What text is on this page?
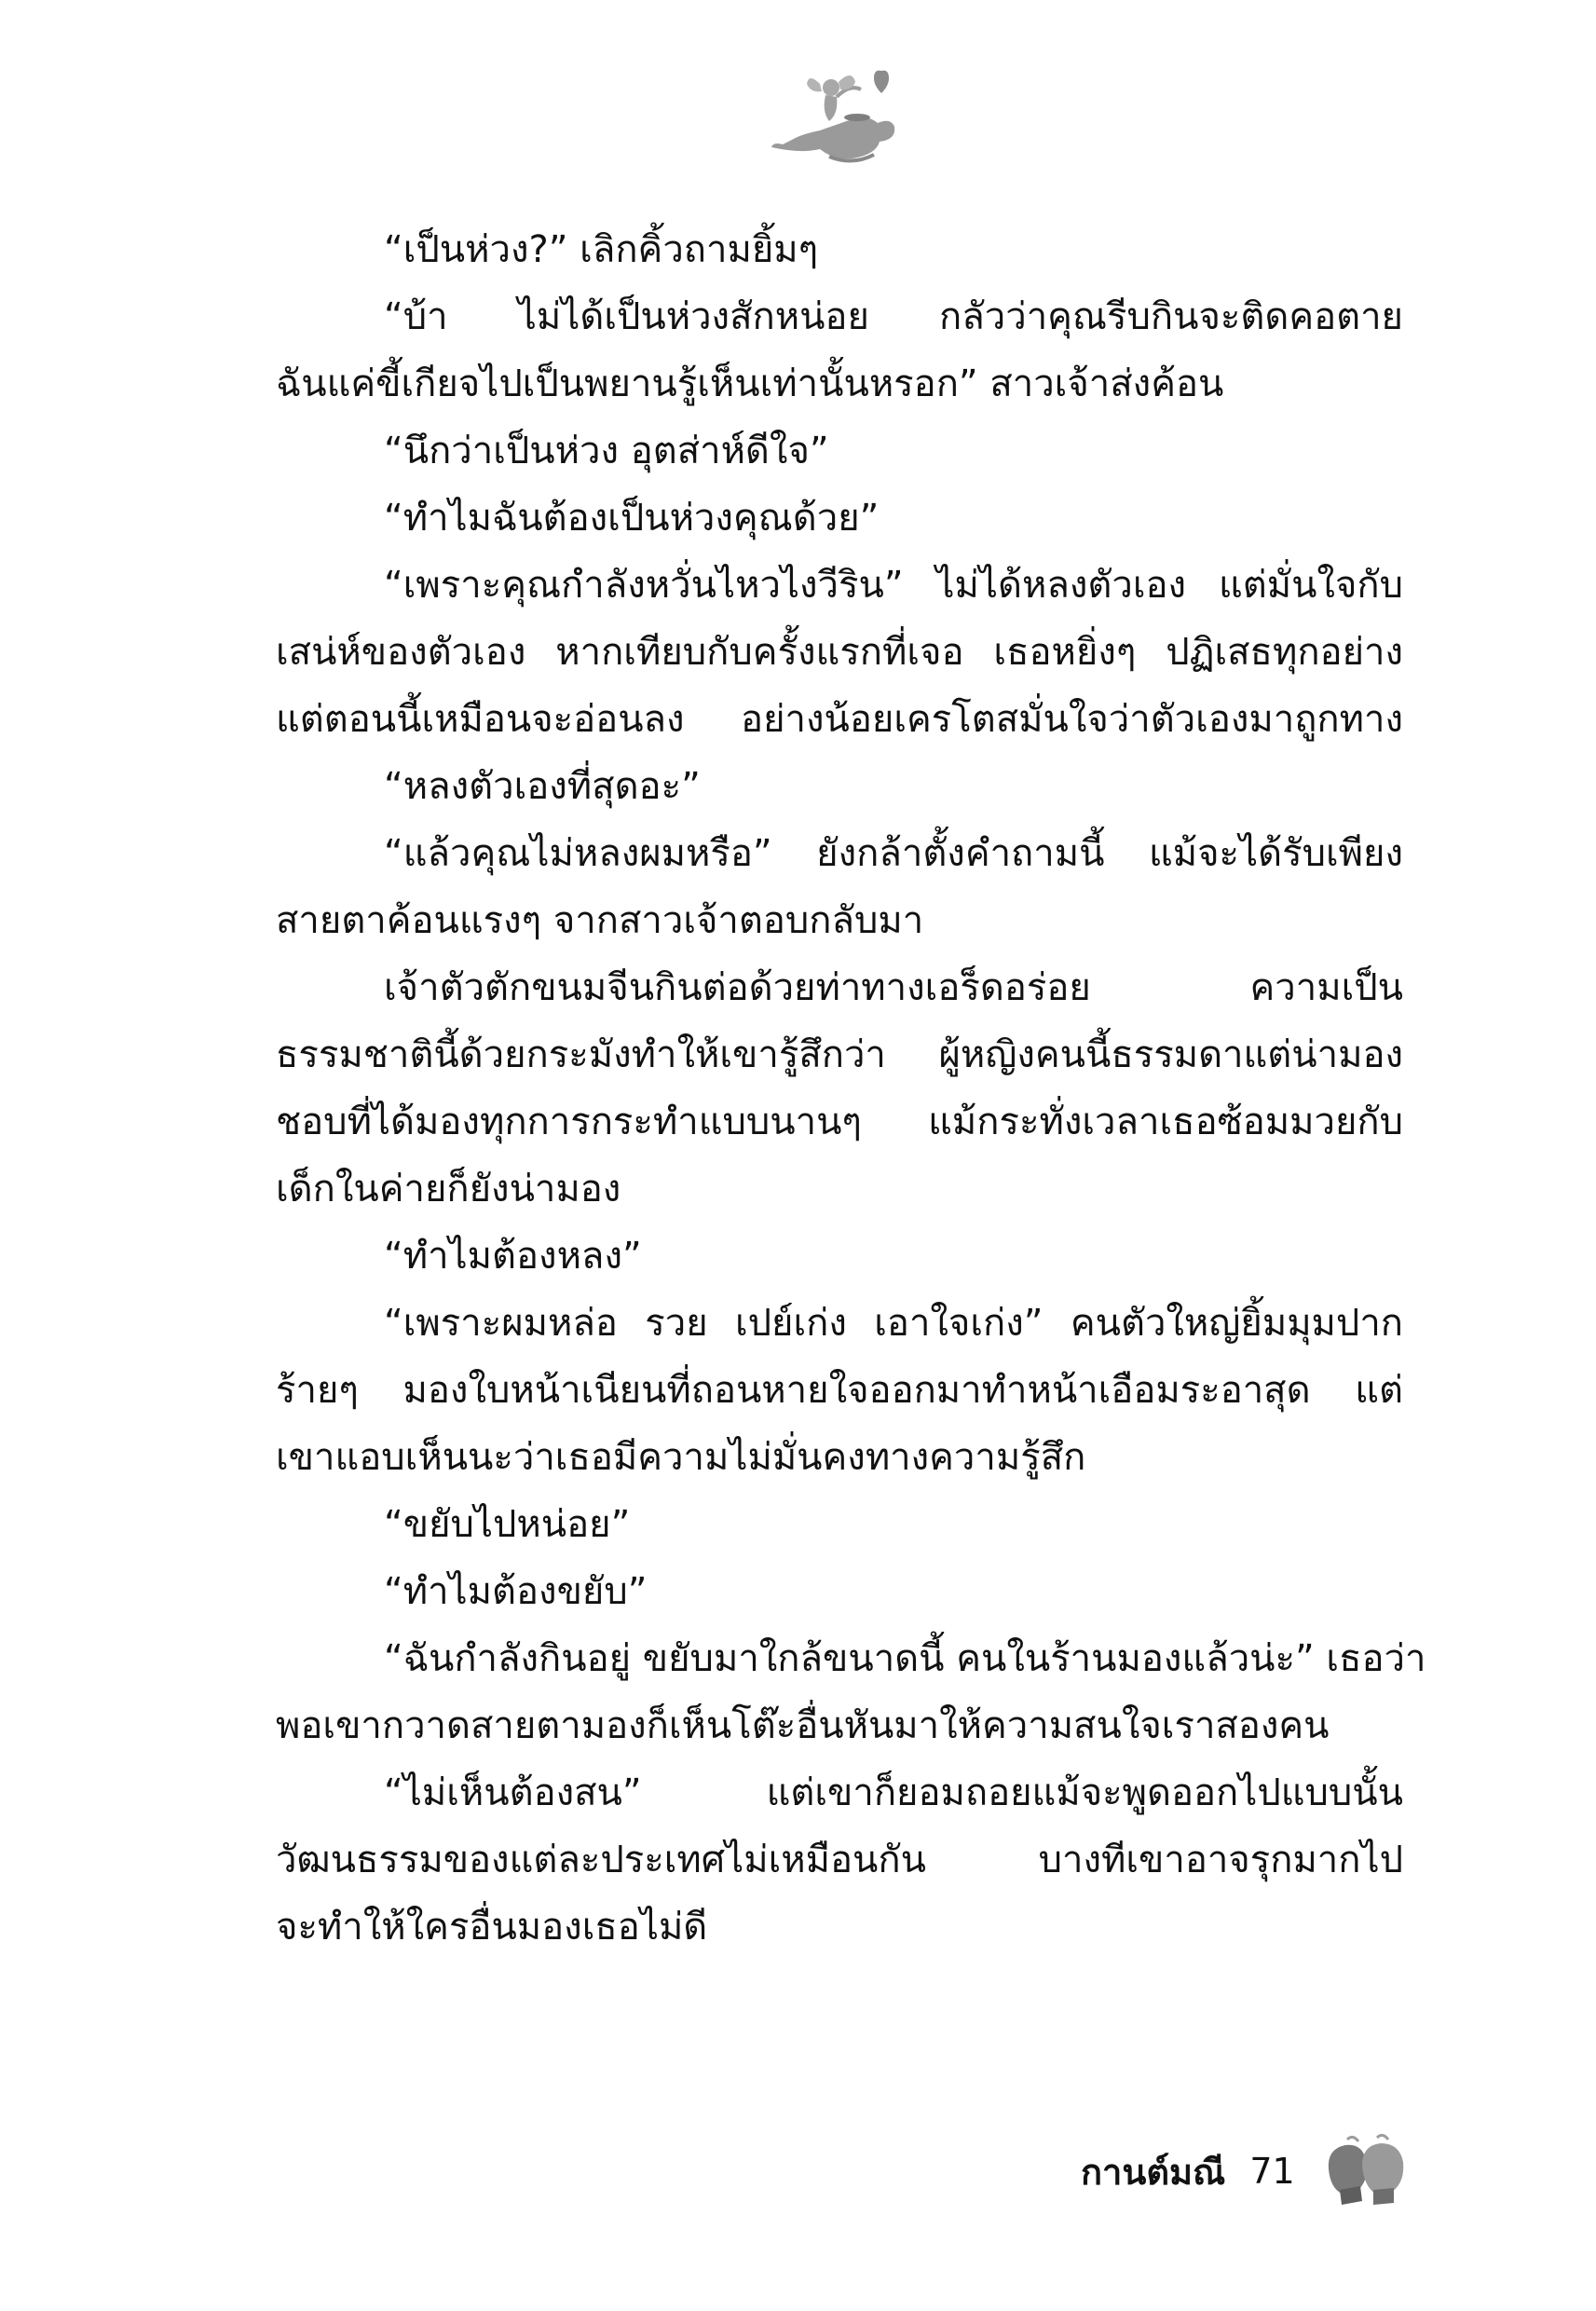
“เป็นห่วง?” เลิกคิ้วถามยิ้มๆ
“บ้า ไม่ได้เป็นห่วงสักหน่อย กลัวว่าคุณรีบกินจะติดคอตาย
ฉันแค่ขี้เกียจไปเป็นพยานรู้เห็นเท่านั้นหรอก” สาวเจ้าส่งค้อน
“นึกว่าเป็นห่วง อุตส่าห์ดีใจ”
“ทำไมฉันต้องเป็นห่วงคุณด้วย”
“เพราะคุณกำลังหวั่นไหวไงวีริน” ไม่ได้หลงตัวเอง แต่มั่นใจกับ
เสน่ห์ของตัวเอง หากเทียบกับครั้งแรกที่เจอ เธอหยิ่งๆ ปฏิเสธทุกอย่าง
แต่ตอนนี้เหมือนจะอ่อนลง อย่างน้อยเครโตสมั่นใจว่าตัวเองมาถูกทาง
“หลงตัวเองที่สุดอะ”
“แล้วคุณไม่หลงผมหรือ” ยังกล้าตั้งคำถามนี้ แม้จะได้รับเพียง
สายตาค้อนแรงๆ จากสาวเจ้าตอบกลับมา
เจ้าตัวตักขนมจีนกินต่อด้วยท่าทางเอร็ดอร่อย ความเป็น
ธรรมชาตินี้ด้วยกระมังทำให้เขารู้สึกว่า ผู้หญิงคนนี้ธรรมดาแต่น่ามอง
ชอบที่ได้มองทุกการกระทำแบบนานๆ แม้กระทั่งเวลาเธอซ้อมมวยกับ
เด็กในค่ายก็ยังน่ามอง
“ทำไมต้องหลง”
“เพราะผมหล่อ รวย เปย์เก่ง เอาใจเก่ง” คนตัวใหญ่ยิ้มมุมปาก
ร้ายๆ มองใบหน้าเนียนที่ถอนหายใจออกมาทำหน้าเอือมระอาสุด แต่
เขาแอบเห็นนะว่าเธอมีความไม่มั่นคงทางความรู้สึก
“ขยับไปหน่อย”
“ทำไมต้องขยับ”
“ฉันกำลังกินอยู่ ขยับมาใกล้ขนาดนี้ คนในร้านมองแล้วน่ะ” เธอว่า
พอเขากวาดสายตามองก็เห็นโต๊ะอื่นหันมาให้ความสนใจเราสองคน
“ไม่เห็นต้องสน” แต่เขาก็ยอมถอยแม้จะพูดออกไปแบบนั้น
วัฒนธรรมของแต่ละประเทศไม่เหมือนกัน บางทีเขาอาจรุกมากไป
จะทำให้ใครอื่นมองเธอไม่ดี
กานต์มณี 71
